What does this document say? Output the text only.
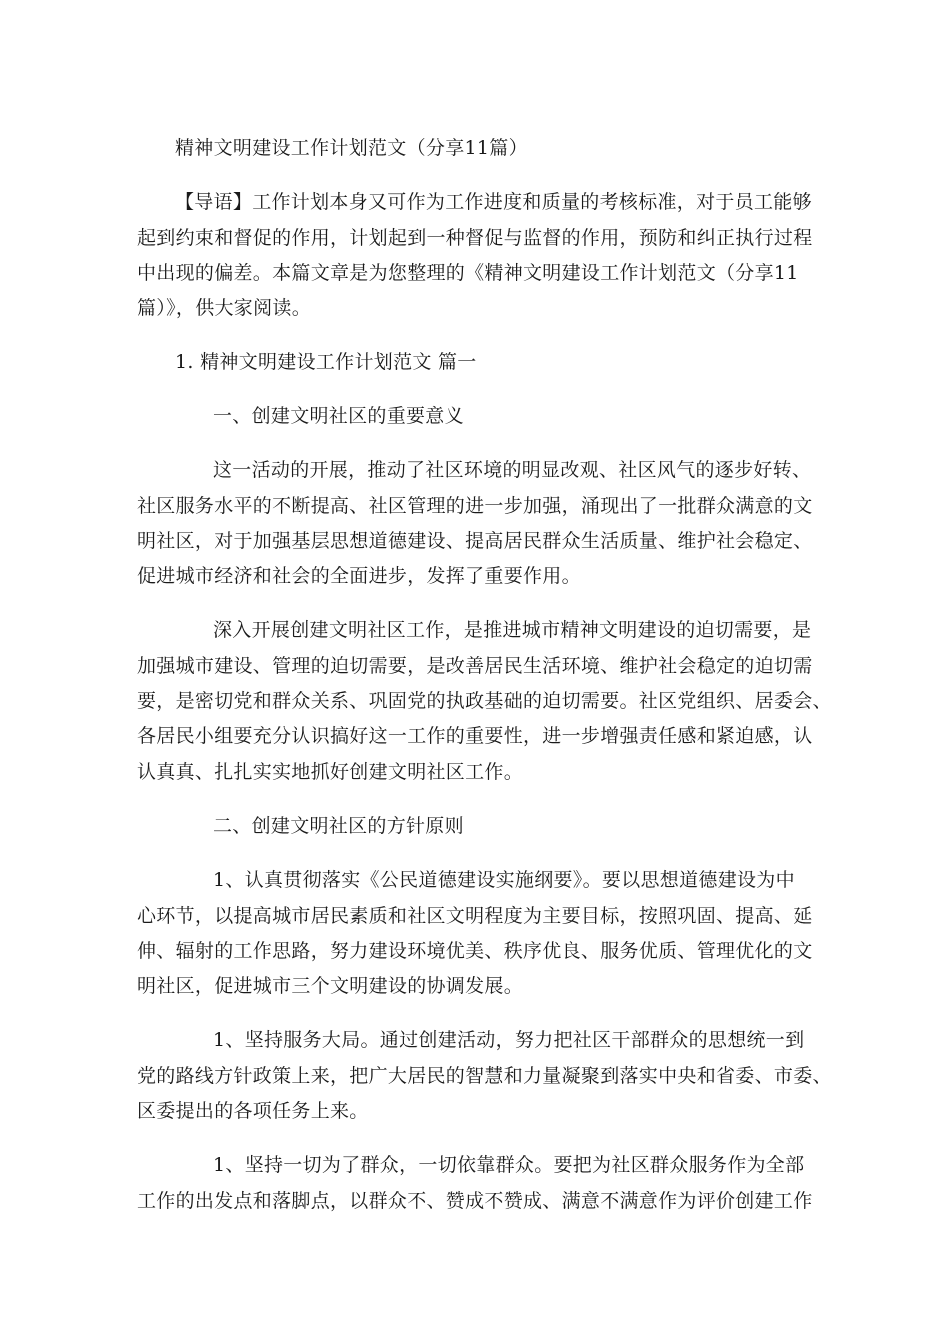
精神文明建设工作计划范文（分享11篇）
【导语】工作计划本身又可作为工作进度和质量的考核标准，对于员工能够
起到约束和督促的作用，计划起到一种督促与监督的作用，预防和纠正执行过程
中出现的偏差。本篇文章是为您整理的《精神文明建设工作计划范文（分享11
篇）》，供大家阅读。
1. 精神文明建设工作计划范文 篇一
一、创建文明社区的重要意义
这一活动的开展，推动了社区环境的明显改观、社区风气的逐步好转、
社区服务水平的不断提高、社区管理的进一步加强，涌现出了一批群众满意的文
明社区，对于加强基层思想道德建设、提高居民群众生活质量、维护社会稳定、
促进城市经济和社会的全面进步，发挥了重要作用。
深入开展创建文明社区工作，是推进城市精神文明建设的迫切需要，是
加强城市建设、管理的迫切需要，是改善居民生活环境、维护社会稳定的迫切需
要，是密切党和群众关系、巩固党的执政基础的迫切需要。社区党组织、居委会、
各居民小组要充分认识搞好这一工作的重要性，进一步增强责任感和紧迫感，认
认真真、扎扎实实地抓好创建文明社区工作。
二、创建文明社区的方针原则
1、认真贯彻落实《公民道德建设实施纲要》。要以思想道德建设为中
心环节，以提高城市居民素质和社区文明程度为主要目标，按照巩固、提高、延
伸、辐射的工作思路，努力建设环境优美、秩序优良、服务优质、管理优化的文
明社区，促进城市三个文明建设的协调发展。
1、坚持服务大局。通过创建活动，努力把社区干部群众的思想统一到
党的路线方针政策上来，把广大居民的智慧和力量凝聚到落实中央和省委、市委、
区委提出的各项任务上来。
1、坚持一切为了群众，一切依靠群众。要把为社区群众服务作为全部
工作的出发点和落脚点，以群众不、赞成不赞成、满意不满意作为评价创建工作
